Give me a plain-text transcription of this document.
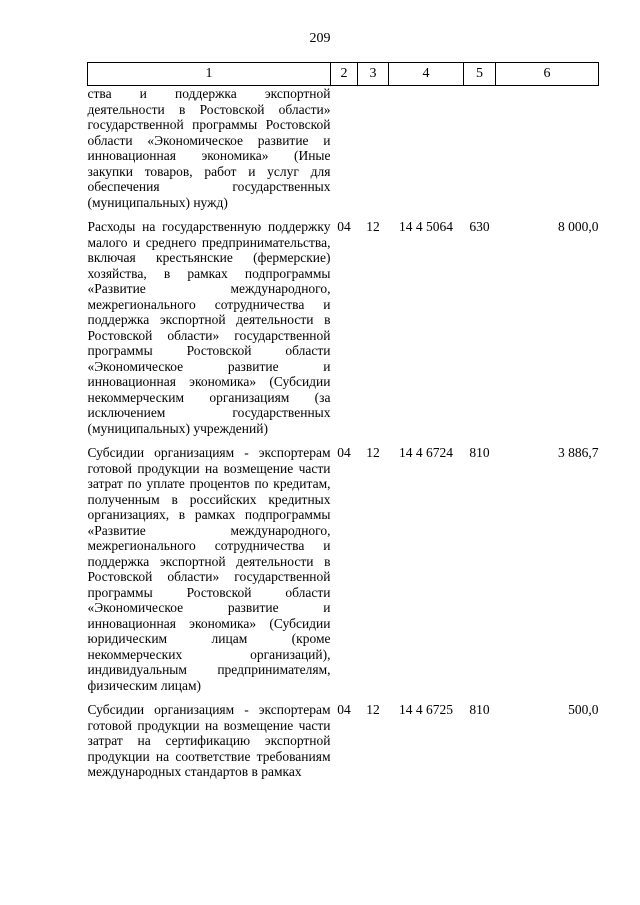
209
1	2	3	4	5	6
ства и поддержка экспортной деятельности в Ростовской области» государственной программы Ростовской области «Экономическое развитие и инновационная экономика» (Иные закупки товаров, работ и услуг для обеспечения государственных (муниципальных) нужд)					

Расходы на государственную поддержку малого и среднего предпринимательства, включая крестьянские (фермерские) хозяйства, в рамках подпрограммы «Развитие международного, межрегионального сотрудничества и поддержка экспортной деятельности в Ростовской области» государственной программы Ростовской области «Экономическое развитие и инновационная экономика» (Субсидии некоммерческим организациям (за исключением государственных (муниципальных) учреждений)	04	12	14 4 5064	630	8 000,0

Субсидии организациям - экспортерам готовой продукции на возмещение части затрат по уплате процентов по кредитам, полученным в российских кредитных организациях, в рамках подпрограммы «Развитие международного, межрегионального сотрудничества и поддержка экспортной деятельности в Ростовской области» государственной программы Ростовской области «Экономическое развитие и инновационная экономика» (Субсидии юридическим лицам (кроме некоммерческих организаций), индивидуальным предпринимателям, физическим лицам)	04	12	14 4 6724	810	3 886,7

Субсидии организациям - экспортерам готовой продукции на возмещение части затрат на сертификацию экспортной продукции на соответствие требованиям международных стандартов в рамках	04	12	14 4 6725	810	500,0
